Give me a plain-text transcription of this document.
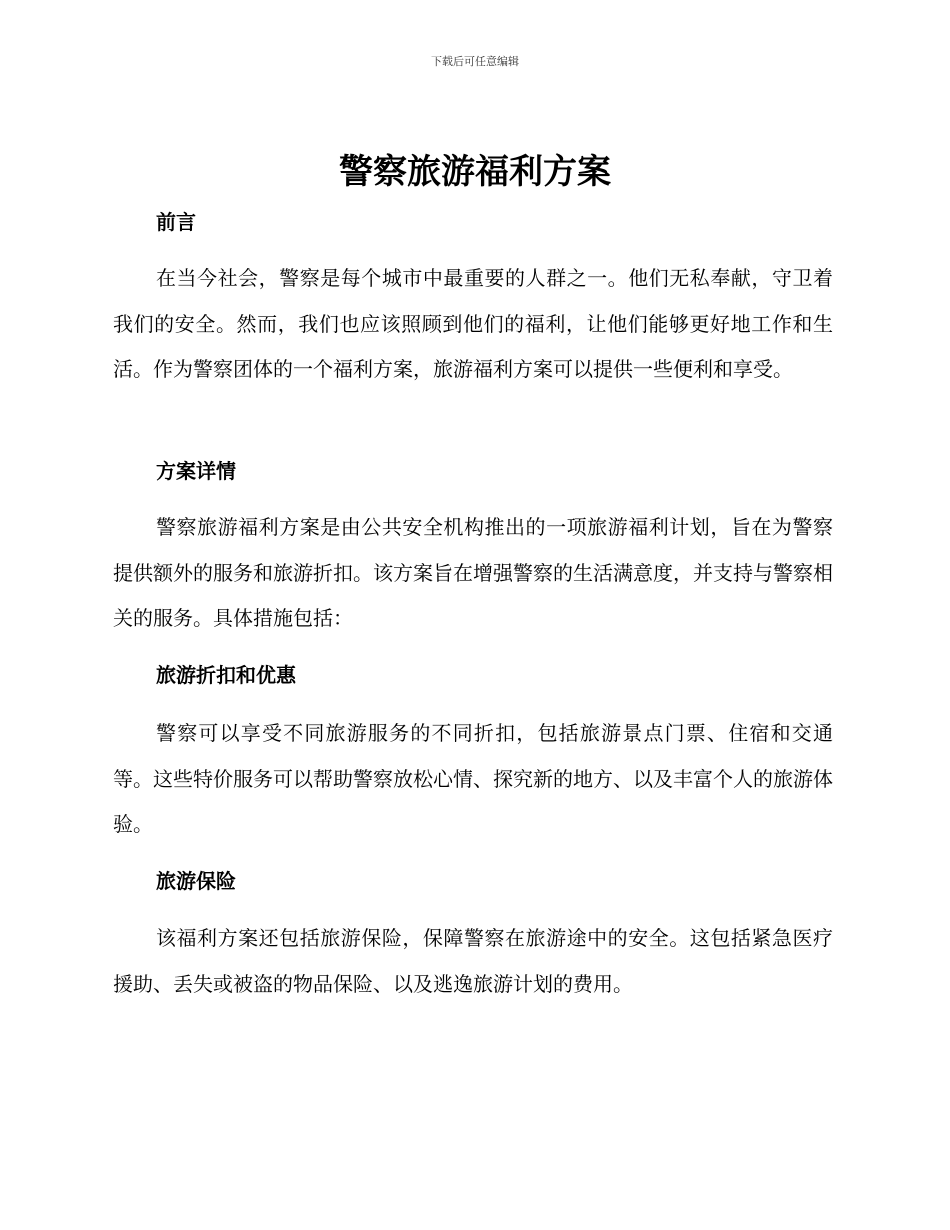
下载后可任意编辑
警察旅游福利方案
前言

在当今社会，警察是每个城市中最重要的人群之一。他们无私奉献，守卫着我们的安全。然而，我们也应该照顾到他们的福利，让他们能够更好地工作和生活。作为警察团体的一个福利方案，旅游福利方案可以提供一些便利和享受。

方案详情

警察旅游福利方案是由公共安全机构推出的一项旅游福利计划，旨在为警察提供额外的服务和旅游折扣。该方案旨在增强警察的生活满意度，并支持与警察相关的服务。具体措施包括：

旅游折扣和优惠

警察可以享受不同旅游服务的不同折扣，包括旅游景点门票、住宿和交通等。这些特价服务可以帮助警察放松心情、探究新的地方、以及丰富个人的旅游体验。

旅游保险

该福利方案还包括旅游保险，保障警察在旅游途中的安全。这包括紧急医疗援助、丢失或被盗的物品保险、以及逃逸旅游计划的费用。
